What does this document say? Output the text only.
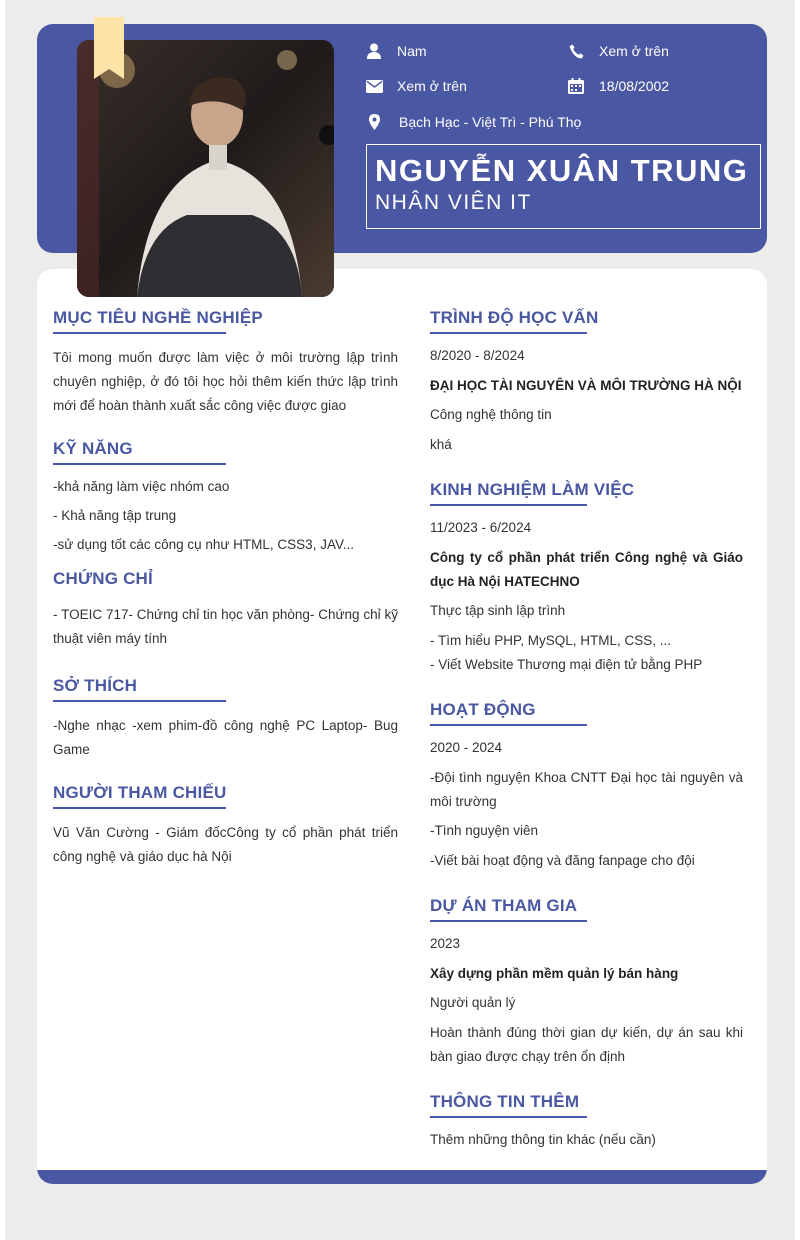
Nam	Xem ở trên
Xem ở trên	18/08/2002
Bạch Hạc - Việt Trì - Phú Thọ
NGUYỄN XUÂN TRUNG
NHÂN VIÊN IT
MỤC TIÊU NGHỀ NGHIỆP
Tôi mong muốn được làm việc ở môi trường lập trình chuyên nghiệp, ở đó tôi học hỏi thêm kiến thức lập trình mới để hoàn thành xuất sắc công việc được giao
KỸ NĂNG
-khả năng làm việc nhóm cao
- Khả năng tập trung
-sử dụng tốt các công cụ như HTML, CSS3, JAV...
CHỨNG CHỈ
- TOEIC 717- Chứng chỉ tin học văn phòng- Chứng chỉ kỹ thuật viên máy tính
SỞ THÍCH
-Nghe nhạc -xem phim-đồ công nghệ PC Laptop- Bug Game
NGƯỜI THAM CHIẾU
Vũ Văn Cường - Giám đốcCông ty cổ phần phát triển công nghệ và giáo dục hà Nội
TRÌNH ĐỘ HỌC VẤN
8/2020 - 8/2024
ĐẠI HỌC TÀI NGUYÊN VÀ MÔI TRƯỜNG HÀ NỘI
Công nghệ thông tin
khá
KINH NGHIỆM LÀM VIỆC
11/2023 - 6/2024
Công ty cổ phần phát triển Công nghệ và Giáo dục Hà Nội HATECHNO
Thực tập sinh lập trình
- Tìm hiểu PHP, MySQL, HTML, CSS, ...
- Viết Website Thương mại điện tử bằng PHP
HOẠT ĐỘNG
2020 - 2024
-Đội tình nguyện Khoa CNTT Đại học tài nguyên và môi trường
-Tình nguyện viên
-Viết bài hoạt động và đăng fanpage cho đội
DỰ ÁN THAM GIA
2023
Xây dựng phần mềm quản lý bán hàng
Người quản lý
Hoàn thành đúng thời gian dự kiến, dự án sau khi bàn giao được chạy trên ổn định
THÔNG TIN THÊM
Thêm những thông tin khác (nếu cần)
